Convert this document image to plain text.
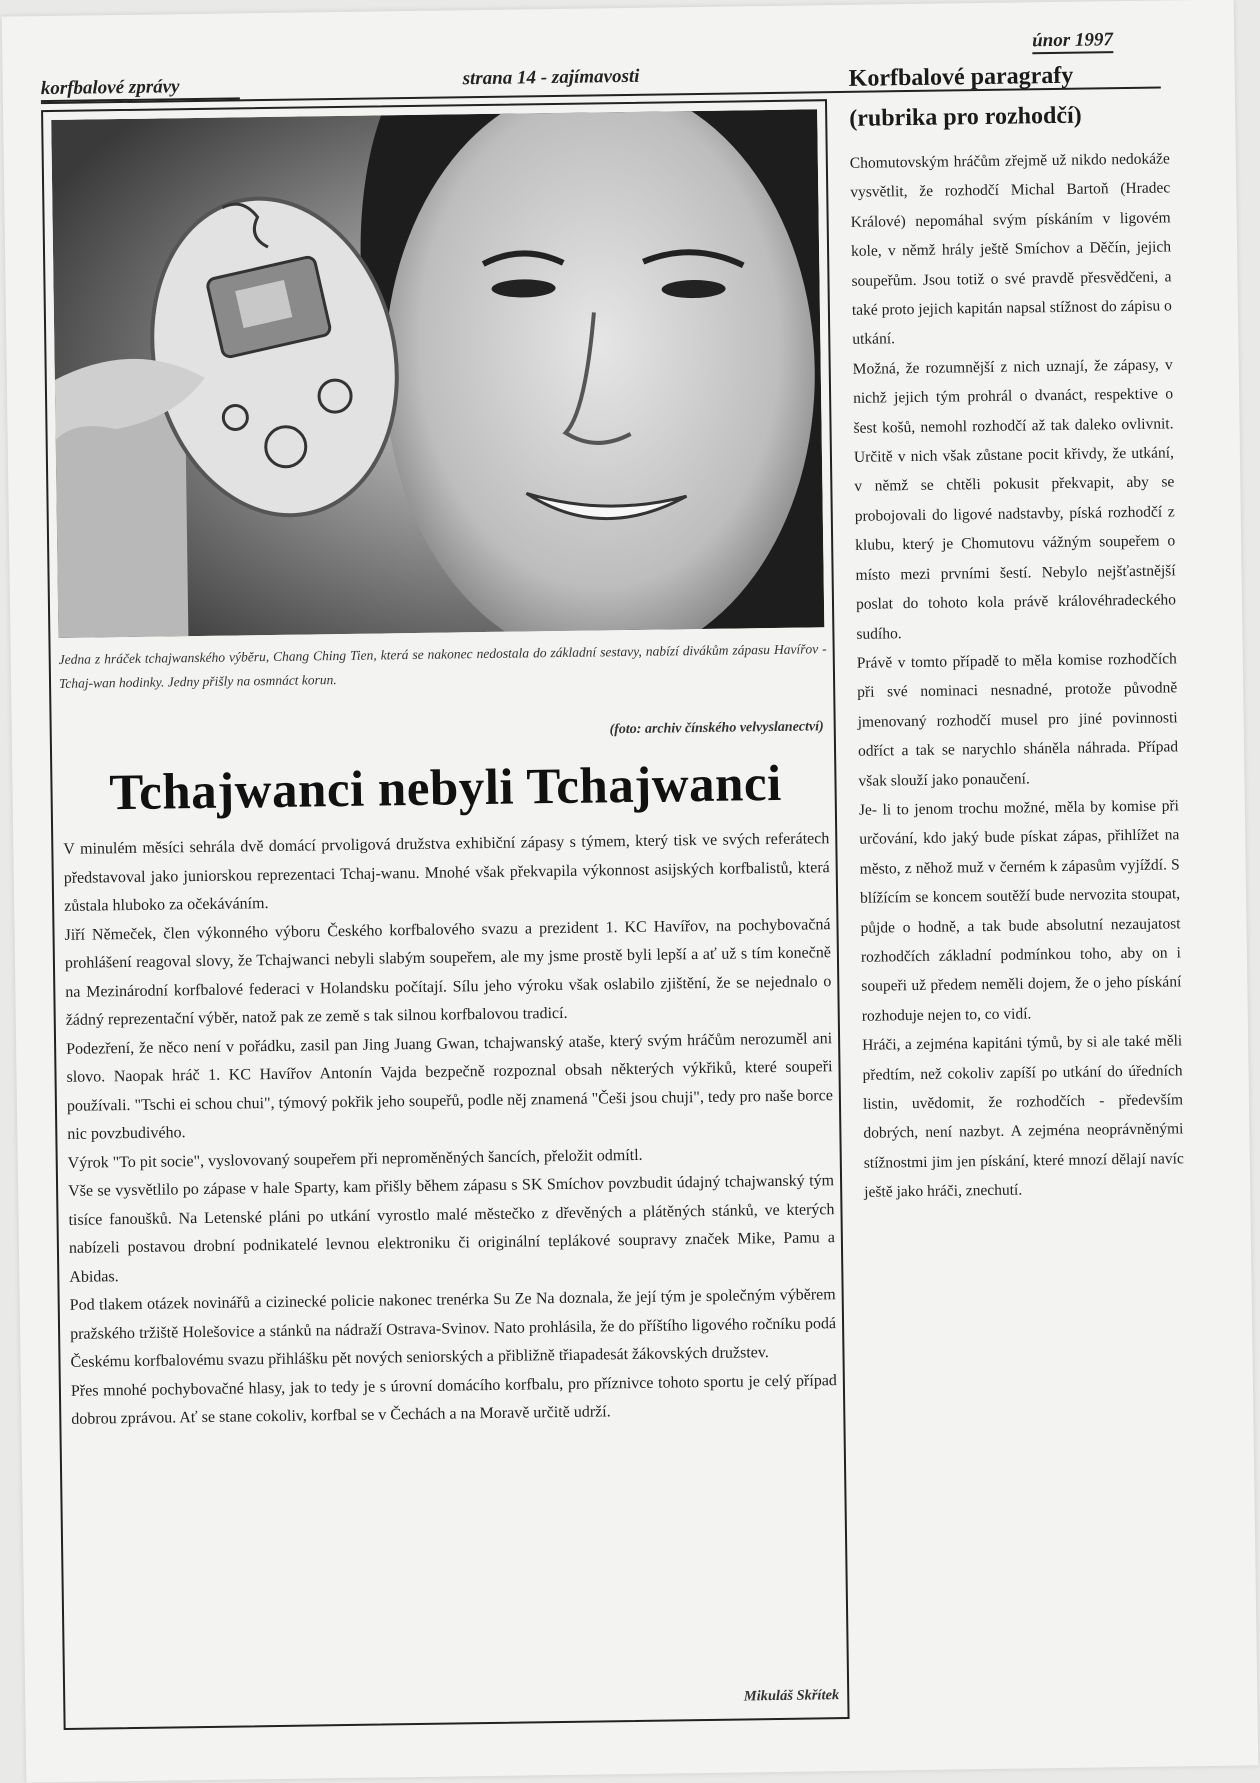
korfbalové zprávy	strana 14 - zajímavosti
únor 1997
Jedna z hráček tchajwanského výběru, Chang Ching Tien, která se nakonec nedostala do základní sestavy, nabízí divákům zápasu Havířov - Tchaj-wan hodinky. Jedny přišly na osmnáct korun.
(foto: archiv čínského velvyslanectví)
Tchajwanci nebyli Tchajwanci

V minulém měsíci sehrála dvě domácí prvoligová družstva exhibiční zápasy s týmem, který tisk ve svých referátech představoval jako juniorskou reprezentaci Tchaj-wanu. Mnohé však překvapila výkonnost asijských korfbalistů, která zůstala hluboko za očekáváním.

Jiří Němeček, člen výkonného výboru Českého korfbalového svazu a prezident 1. KC Havířov, na pochybovačná prohlášení reagoval slovy, že Tchajwanci nebyli slabým soupeřem, ale my jsme prostě byli lepší a ať už s tím konečně na Mezinárodní korfbalové federaci v Holandsku počítají. Sílu jeho výroku však oslabilo zjištění, že se nejednalo o žádný reprezentační výběr, natož pak ze země s tak silnou korfbalovou tradicí.

Podezření, že něco není v pořádku, zasil pan Jing Juang Gwan, tchajwanský ataše, který svým hráčům nerozuměl ani slovo. Naopak hráč 1. KC Havířov Antonín Vajda bezpečně rozpoznal obsah některých výkřiků, které soupeři používali. "Tschi ei schou chui", týmový pokřik jeho soupeřů, podle něj znamená "Češi jsou chuji", tedy pro naše borce nic povzbudivého.

Výrok "To pit socie", vyslovovaný soupeřem při neproměněných šancích, přeložit odmítl.

Vše se vysvětlilo po zápase v hale Sparty, kam přišly během zápasu s SK Smíchov povzbudit údajný tchajwanský tým tisíce fanoušků. Na Letenské pláni po utkání vyrostlo malé městečko z dřevěných a plátěných stánků, ve kterých nabízeli postavou drobní podnikatelé levnou elektroniku či originální teplákové soupravy značek Mike, Pamu a Abidas.

Pod tlakem otázek novinářů a cizinecké policie nakonec trenérka Su Ze Na doznala, že její tým je společným výběrem pražského tržiště Holešovice a stánků na nádraží Ostrava-Svinov. Nato prohlásila, že do příštího ligového ročníku podá Českému korfbalovému svazu přihlášku pět nových seniorských a přibližně třiapadesát žákovských družstev.

Přes mnohé pochybovačné hlasy, jak to tedy je s úrovní domácího korfbalu, pro příznivce tohoto sportu je celý případ dobrou zprávou. Ať se stane cokoliv, korfbal se v Čechách a na Moravě určitě udrží.

Mikuláš Skřítek
Korfbalové paragrafy
(rubrika pro rozhodčí)

Chomutovským hráčům zřejmě už nikdo nedokáže vysvětlit, že rozhodčí Michal Bartoň (Hradec Králové) nepomáhal svým pískáním v ligovém kole, v němž hrály ještě Smíchov a Děčín, jejich soupeřům. Jsou totiž o své pravdě přesvědčeni, a také proto jejich kapitán napsal stížnost do zápisu o utkání.

Možná, že rozumnější z nich uznají, že zápasy, v nichž jejich tým prohrál o dvanáct, respektive o šest košů, nemohl rozhodčí až tak daleko ovlivnit. Určitě v nich však zůstane pocit křivdy, že utkání, v němž se chtěli pokusit překvapit, aby se probojovali do ligové nadstavby, píská rozhodčí z klubu, který je Chomutovu vážným soupeřem o místo mezi prvními šestí. Nebylo nejšťastnější poslat do tohoto kola právě královéhradeckého sudího.

Právě v tomto případě to měla komise rozhodčích při své nominaci nesnadné, protože původně jmenovaný rozhodčí musel pro jiné povinnosti odříct a tak se narychlo sháněla náhrada. Případ však slouží jako ponaučení.

Je- li to jenom trochu možné, měla by komise při určování, kdo jaký bude pískat zápas, přihlížet na město, z něhož muž v černém k zápasům vyjíždí. S blížícím se koncem soutěží bude nervozita stoupat, půjde o hodně, a tak bude absolutní nezaujatost rozhodčích základní podmínkou toho, aby on i soupeři už předem neměli dojem, že o jeho pískání rozhoduje nejen to, co vidí.

Hráči, a zejména kapitáni týmů, by si ale také měli předtím, než cokoliv zapíší po utkání do úředních listin, uvědomit, že rozhodčích - především dobrých, není nazbyt. A zejména neoprávněnými stížnostmi jim jen pískání, které mnozí dělají navíc ještě jako hráči, znechutí.
